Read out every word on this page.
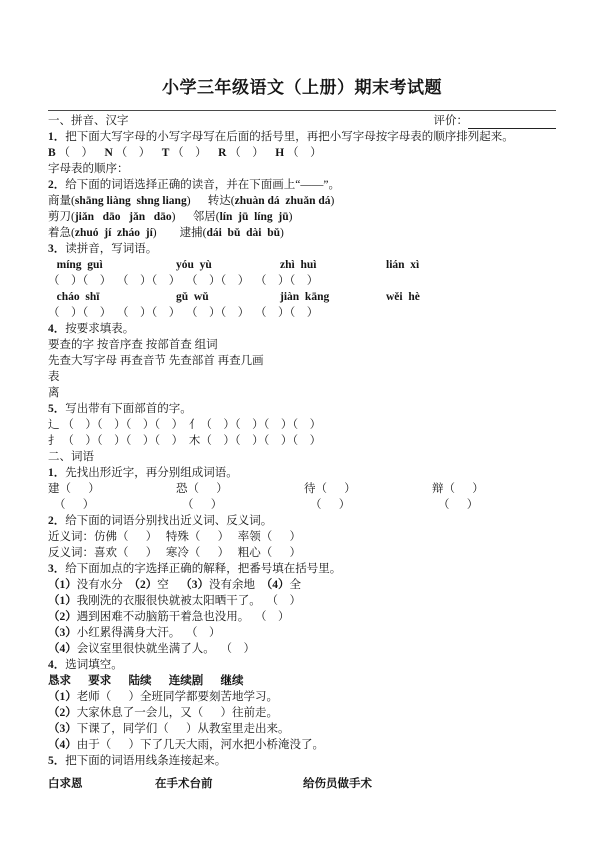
小学三年级语文（上册）期末考试题
一、拼音、汉字	评价：
1．把下面大写字母的小写字母写在后面的括号里，再把小写字母按字母表的顺序排列起来。
B （    ）    N （    ）    T （    ）    R （    ）    H （    ）
字母表的顺序：
2．给下面的词语选择正确的读音，并在下面画上“——”。
商量(shāng liàng  shng liang)      转达(zhuàn dá  zhuǎn dá)
剪刀(jiǎn   dāo   jǎn   dāo)      邻居(lín  jū  líng  jū)
着急(zhuó  jí  zháo  jí)        逮捕(dái  bǔ  dài  bǔ)
3．读拼音，写词语。
míng  guì	yóu  yù	zhì  huì	lián  xì
（    ）（    ）  （    ）（    ）  （    ）（    ）  （    ）（    ）
cháo  shī	gǔ  wǔ	jiàn  kāng	wěi  hè
（    ）（    ）  （    ）（    ）  （    ）（    ）  （    ）（    ）
4．按要求填表。
要查的字 按音序查 按部首查 组词
先查大写字母 再查音节 先查部首 再查几画
表
离
5．写出带有下面部首的字。
辶 （    ）（    ）（    ）（    ）  亻（    ）（    ）（    ）（    ）
扌 （    ）（    ）（    ）（    ）  木（    ）（    ）（    ）（    ）
二、词语
1．先找出形近字，再分别组成词语。
建（      ）	恐（      ）	待（      ）	辩（      ）
（      ）	（      ）	（      ）	（      ）
2．给下面的词语分别找出近义词、反义词。
近义词：仿佛（      ）   特殊（      ）   率领（      ）
反义词：喜欢（      ）   寒冷（      ）   粗心（      ）
3．给下面加点的字选择正确的解释，把番号填在括号里。
（1）没有水分  （2）空    （3）没有余地  （4）全
（1）我刚洗的衣服很快就被太阳晒干了。  （    ）
（2）遇到困难不动脑筋干着急也没用。  （    ）
（3）小红累得满身大汗。  （    ）
（4）会议室里很快就坐满了人。  （    ）
4．选词填空。
恳求      要求      陆续      连续剧      继续
（1）老师（      ）全班同学都要刻苦地学习。
（2）大家休息了一会儿，又（      ）往前走。
（3）下课了，同学们（      ）从教室里走出来。
（4）由于（      ）下了几天大雨，河水把小桥淹没了。
5．把下面的词语用线条连接起来。
白求恩	在手术台前	给伤员做手术
